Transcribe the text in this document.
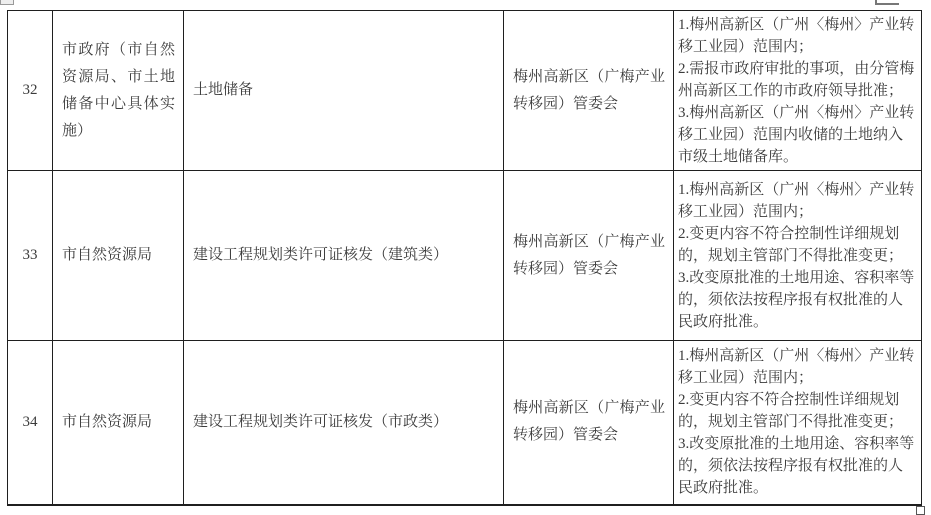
32	市政府（市自然资源局、市土地储备中心具体实施）	土地储备	梅州高新区（广梅产业转移园）管委会	1.梅州高新区（广州〈梅州〉产业转移工业园）范围内；
2.需报市政府审批的事项，由分管梅州高新区工作的市政府领导批准；
3.梅州高新区（广州〈梅州〉产业转移工业园）范围内收储的土地纳入市级土地储备库。

33	市自然资源局	建设工程规划类许可证核发（建筑类）	梅州高新区（广梅产业转移园）管委会	1.梅州高新区（广州〈梅州〉产业转移工业园）范围内；
2.变更内容不符合控制性详细规划的，规划主管部门不得批准变更；
3.改变原批准的土地用途、容积率等的，须依法按程序报有权批准的人民政府批准。

34	市自然资源局	建设工程规划类许可证核发（市政类）	梅州高新区（广梅产业转移园）管委会	1.梅州高新区（广州〈梅州〉产业转移工业园）范围内；
2.变更内容不符合控制性详细规划的，规划主管部门不得批准变更；
3.改变原批准的土地用途、容积率等的，须依法按程序报有权批准的人民政府批准。
